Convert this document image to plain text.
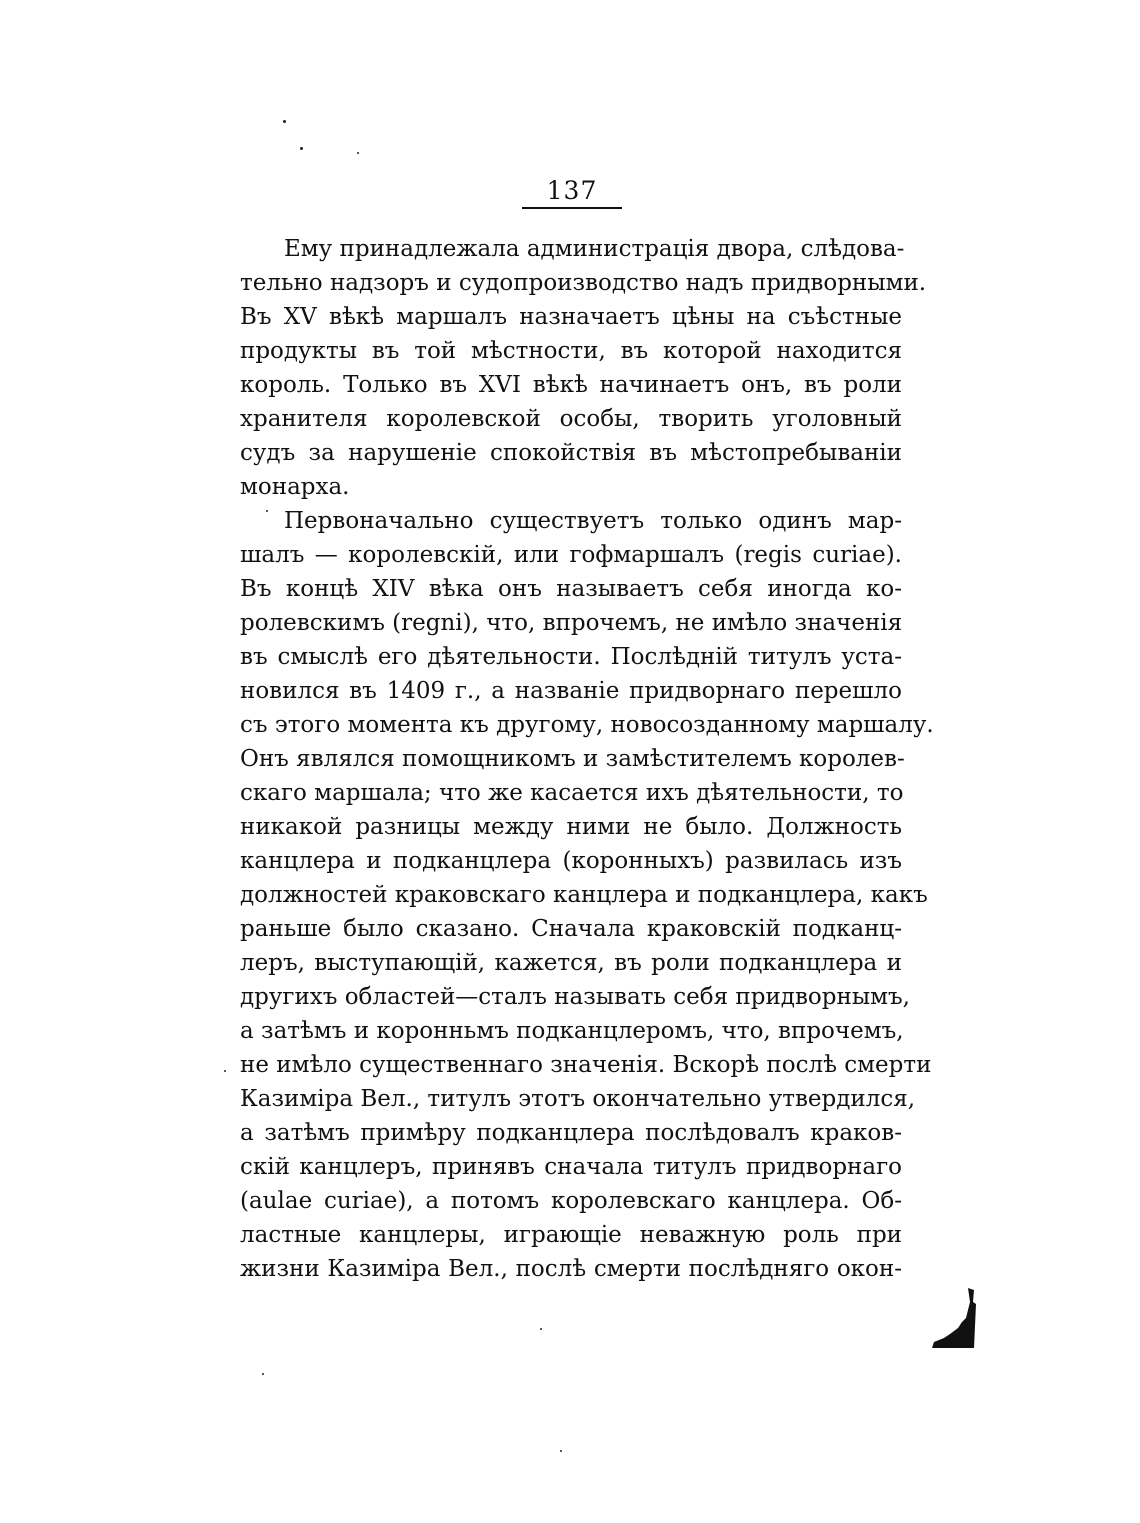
137
Ему принадлежала администрація двора, слѣдова-
тельно надзоръ и судопроизводство надъ придворными.
Въ XV вѣкѣ маршалъ назначаетъ цѣны на съѣстные
продукты въ той мѣстности, въ которой находится
король. Только въ XVI вѣкѣ начинаетъ онъ, въ роли
хранителя королевской особы, творить уголовный
судъ за нарушеніе спокойствія въ мѣстопребываніи
монарха.
Первоначально существуетъ только одинъ мар-
шалъ — королевскій, или гофмаршалъ (regis curiae).
Въ концѣ XIV вѣка онъ называетъ себя иногда ко-
ролевскимъ (regni), что, впрочемъ, не имѣло значенія
въ смыслѣ его дѣятельности. Послѣдній титулъ уста-
новился въ 1409 г., а названіе придворнаго перешло
съ этого момента къ другому, новосозданному маршалу.
Онъ являлся помощникомъ и замѣстителемъ королев-
скаго маршала; что же касается ихъ дѣятельности, то
никакой разницы между ними не было. Должность
канцлера и подканцлера (коронныхъ) развилась изъ
должностей краковскаго канцлера и подканцлера, какъ
раньше было сказано. Сначала краковскій подканц-
леръ, выступающій, кажется, въ роли подканцлера и
другихъ областей—сталъ называть себя придворнымъ,
а затѣмъ и коронньмъ подканцлеромъ, что, впрочемъ,
не имѣло существеннаго значенія. Вскорѣ послѣ смерти
Казиміра Вел., титулъ этотъ окончательно утвердился,
а затѣмъ примѣру подканцлера послѣдовалъ краков-
скій канцлеръ, принявъ сначала титулъ придворнаго
(aulae curiae), а потомъ королевскаго канцлера. Об-
ластные канцлеры, играющіе неважную роль при
жизни Казиміра Вел., послѣ смерти послѣдняго окон-
